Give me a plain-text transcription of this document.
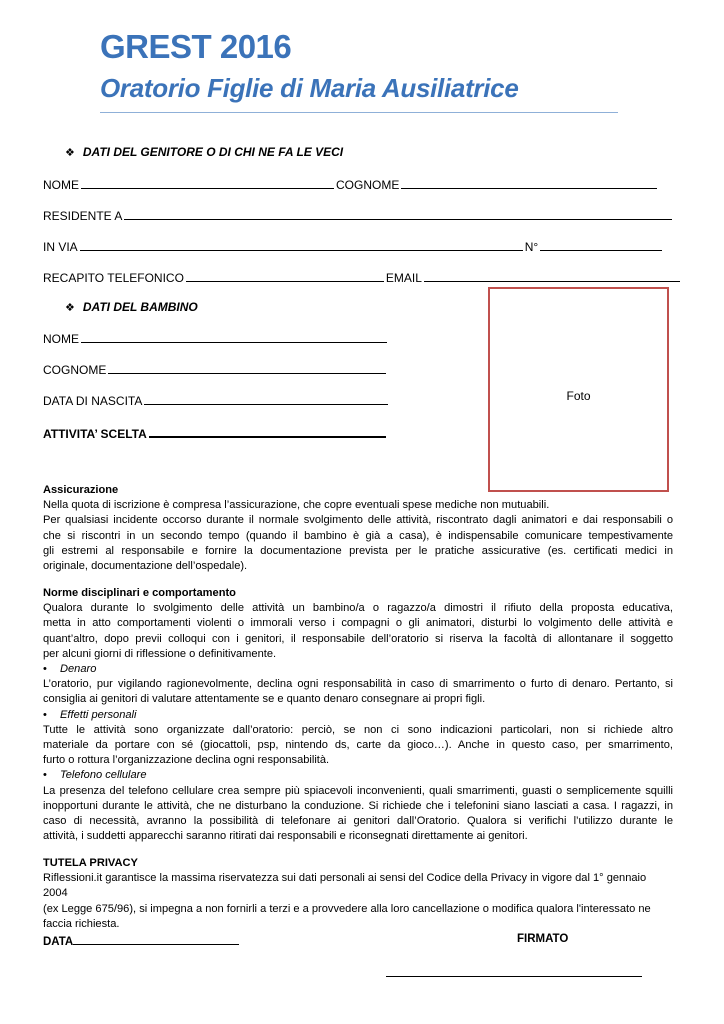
GREST 2016
Oratorio Figlie di Maria Ausiliatrice
❖ DATI DEL GENITORE O DI CHI NE FA LE VECI
NOME	COGNOME
RESIDENTE A
IN VIA	N°
RECAPITO TELEFONICO	EMAIL
❖ DATI DEL BAMBINO
NOME
COGNOME
DATA DI NASCITA
ATTIVITA’ SCELTA
Foto

Assicurazione

Nella quota di iscrizione è compresa l’assicurazione, che copre eventuali spese mediche non mutuabili.

Per qualsiasi incidente occorso durante il normale svolgimento delle attività, riscontrato dagli animatori e dai responsabili o

che si riscontri in un secondo tempo (quando il bambino è già a casa), è indispensabile comunicare tempestivamente

gli estremi al responsabile e fornire la documentazione prevista per le pratiche assicurative (es. certificati medici in

originale, documentazione dell’ospedale).

Norme disciplinari e comportamento

Qualora durante lo svolgimento delle attività un bambino/a o ragazzo/a dimostri il rifiuto della proposta educativa,

metta in atto comportamenti violenti o immorali verso i compagni o gli animatori, disturbi lo volgimento delle attività e

quant’altro, dopo previi colloqui con i genitori, il responsabile dell’oratorio si riserva la facoltà di allontanare il soggetto

per alcuni giorni di riflessione o definitivamente.

• Denaro

L’oratorio, pur vigilando ragionevolmente, declina ogni responsabilità in caso di smarrimento o furto di denaro. Pertanto, si

consiglia ai genitori di valutare attentamente se e quanto denaro consegnare ai propri figli.

• Effetti personali

Tutte le attività sono organizzate dall’oratorio: perciò, se non ci sono indicazioni particolari, non si richiede altro

materiale da portare con sé (giocattoli, psp, nintendo ds, carte da gioco…). Anche in questo caso, per smarrimento,

furto o rottura l’organizzazione declina ogni responsabilità.

• Telefono cellulare

La presenza del telefono cellulare crea sempre più spiacevoli inconvenienti, quali smarrimenti, guasti o semplicemente squilli

inopportuni durante le attività, che ne disturbano la conduzione. Si richiede che i telefonini siano lasciati a casa. I ragazzi, in

caso di necessità, avranno la possibilità di telefonare ai genitori dall’Oratorio. Qualora si verifichi l’utilizzo durante le

attività, i suddetti apparecchi saranno ritirati dai responsabili e riconsegnati direttamente ai genitori.

TUTELA PRIVACY

Riflessioni.it garantisce la massima riservatezza sui dati personali ai sensi del Codice della Privacy in vigore dal 1° gennaio 2004

(ex Legge 675/96), si impegna a non fornirli a terzi e a provvedere alla loro cancellazione o modifica qualora l'interessato ne

faccia richiesta.

DATA	FIRMATO
